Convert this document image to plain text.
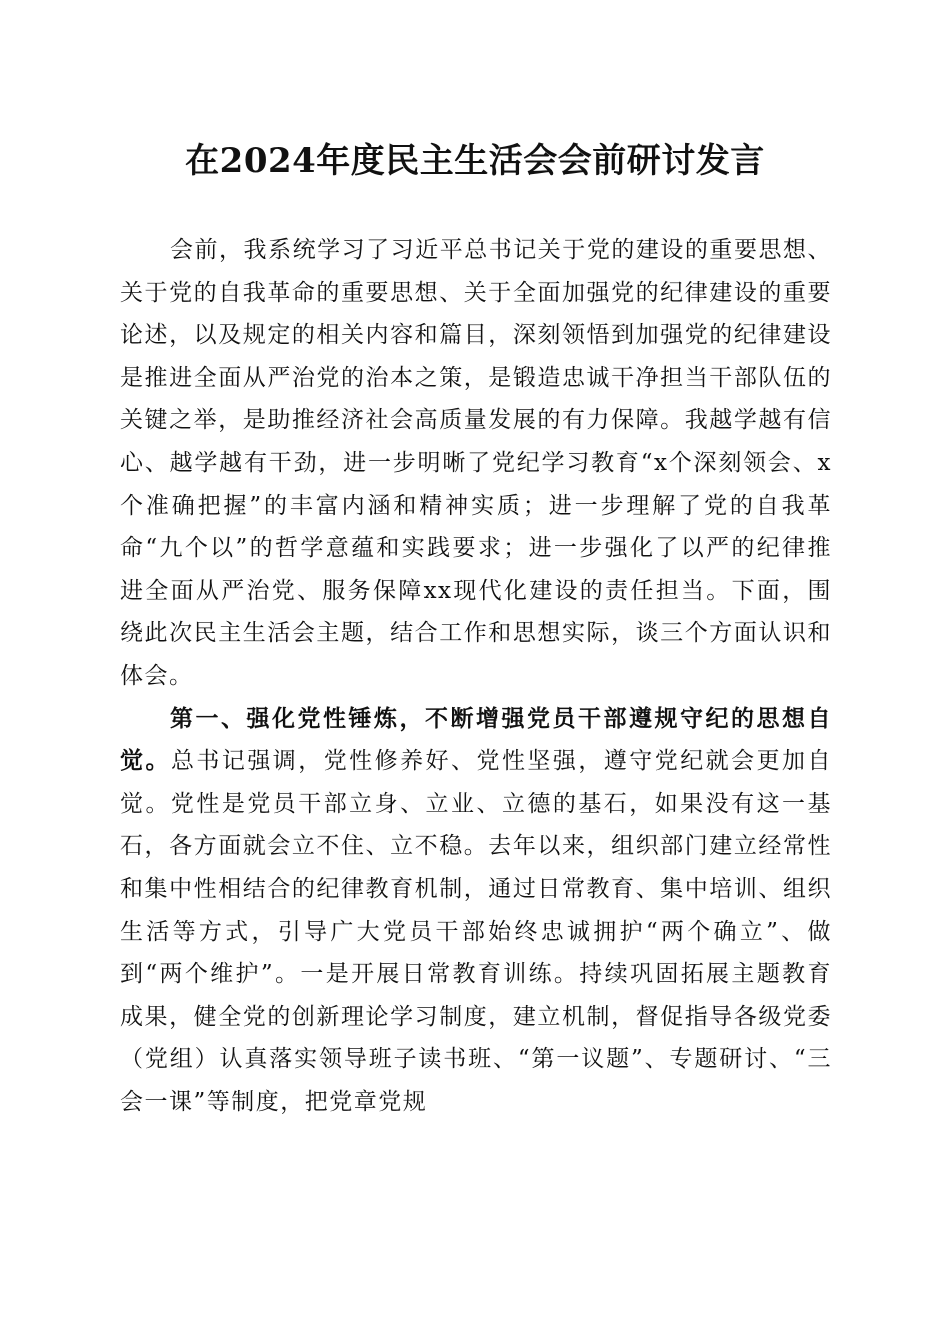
在2024年度民主生活会会前研讨发言

会前，我系统学习了习近平总书记关于党的建设的重要思想、关于党的自我革命的重要思想、关于全面加强党的纪律建设的重要论述，以及规定的相关内容和篇目，深刻领悟到加强党的纪律建设是推进全面从严治党的治本之策，是锻造忠诚干净担当干部队伍的关键之举，是助推经济社会高质量发展的有力保障。我越学越有信心、越学越有干劲，进一步明晰了党纪学习教育“x个深刻领会、x个准确把握”的丰富内涵和精神实质；进一步理解了党的自我革命“九个以”的哲学意蕴和实践要求；进一步强化了以严的纪律推进全面从严治党、服务保障xx现代化建设的责任担当。下面，围绕此次民主生活会主题，结合工作和思想实际，谈三个方面认识和体会。

第一、强化党性锤炼，不断增强党员干部遵规守纪的思想自觉。总书记强调，党性修养好、党性坚强，遵守党纪就会更加自觉。党性是党员干部立身、立业、立德的基石，如果没有这一基石，各方面就会立不住、立不稳。去年以来，组织部门建立经常性和集中性相结合的纪律教育机制，通过日常教育、集中培训、组织生活等方式，引导广大党员干部始终忠诚拥护“两个确立”、做到“两个维护”。一是开展日常教育训练。持续巩固拓展主题教育成果，健全党的创新理论学习制度，建立机制，督促指导各级党委（党组）认真落实领导班子读书班、“第一议题”、专题研讨、“三会一课”等制度，把党章党规
